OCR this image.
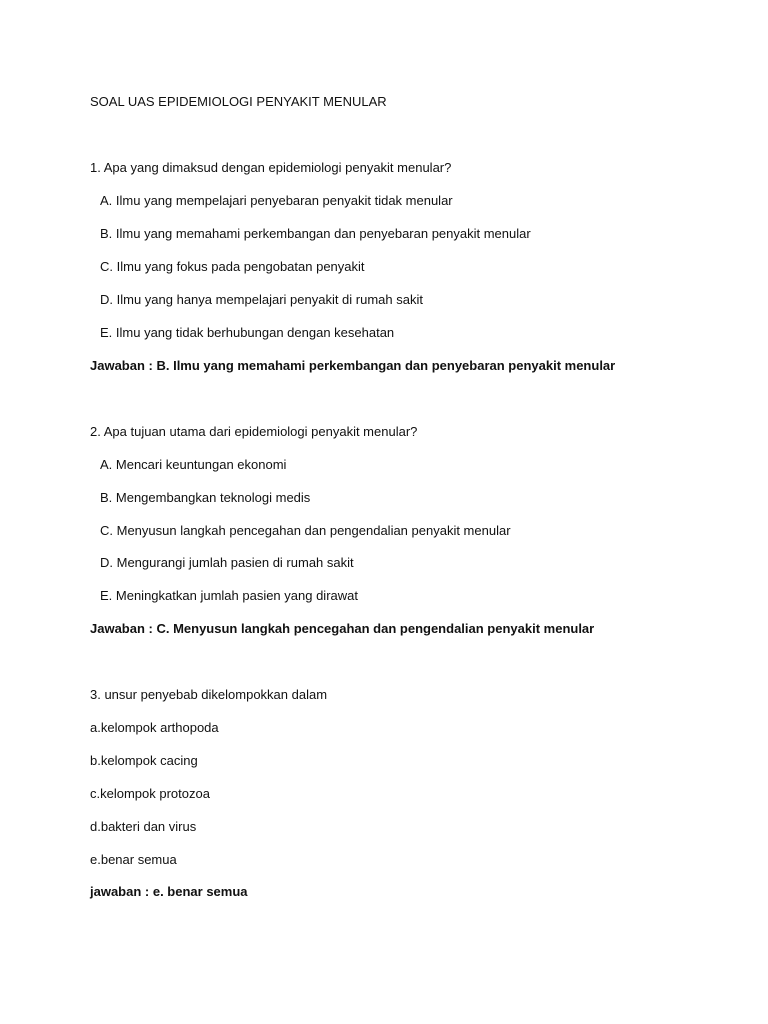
SOAL UAS EPIDEMIOLOGI PENYAKIT MENULAR
1. Apa yang dimaksud dengan epidemiologi penyakit menular?
A. Ilmu yang mempelajari penyebaran penyakit tidak menular
B. Ilmu yang memahami perkembangan dan penyebaran penyakit menular
C. Ilmu yang fokus pada pengobatan penyakit
D. Ilmu yang hanya mempelajari penyakit di rumah sakit
E. Ilmu yang tidak berhubungan dengan kesehatan
Jawaban : B. Ilmu yang memahami perkembangan dan penyebaran penyakit menular
2. Apa tujuan utama dari epidemiologi penyakit menular?
A. Mencari keuntungan ekonomi
B. Mengembangkan teknologi medis
C. Menyusun langkah pencegahan dan pengendalian penyakit menular
D. Mengurangi jumlah pasien di rumah sakit
E. Meningkatkan jumlah pasien yang dirawat
Jawaban : C. Menyusun langkah pencegahan dan pengendalian penyakit menular
3. unsur penyebab dikelompokkan dalam
a.kelompok arthopoda
b.kelompok cacing
c.kelompok protozoa
d.bakteri dan virus
e.benar semua
jawaban : e. benar semua
